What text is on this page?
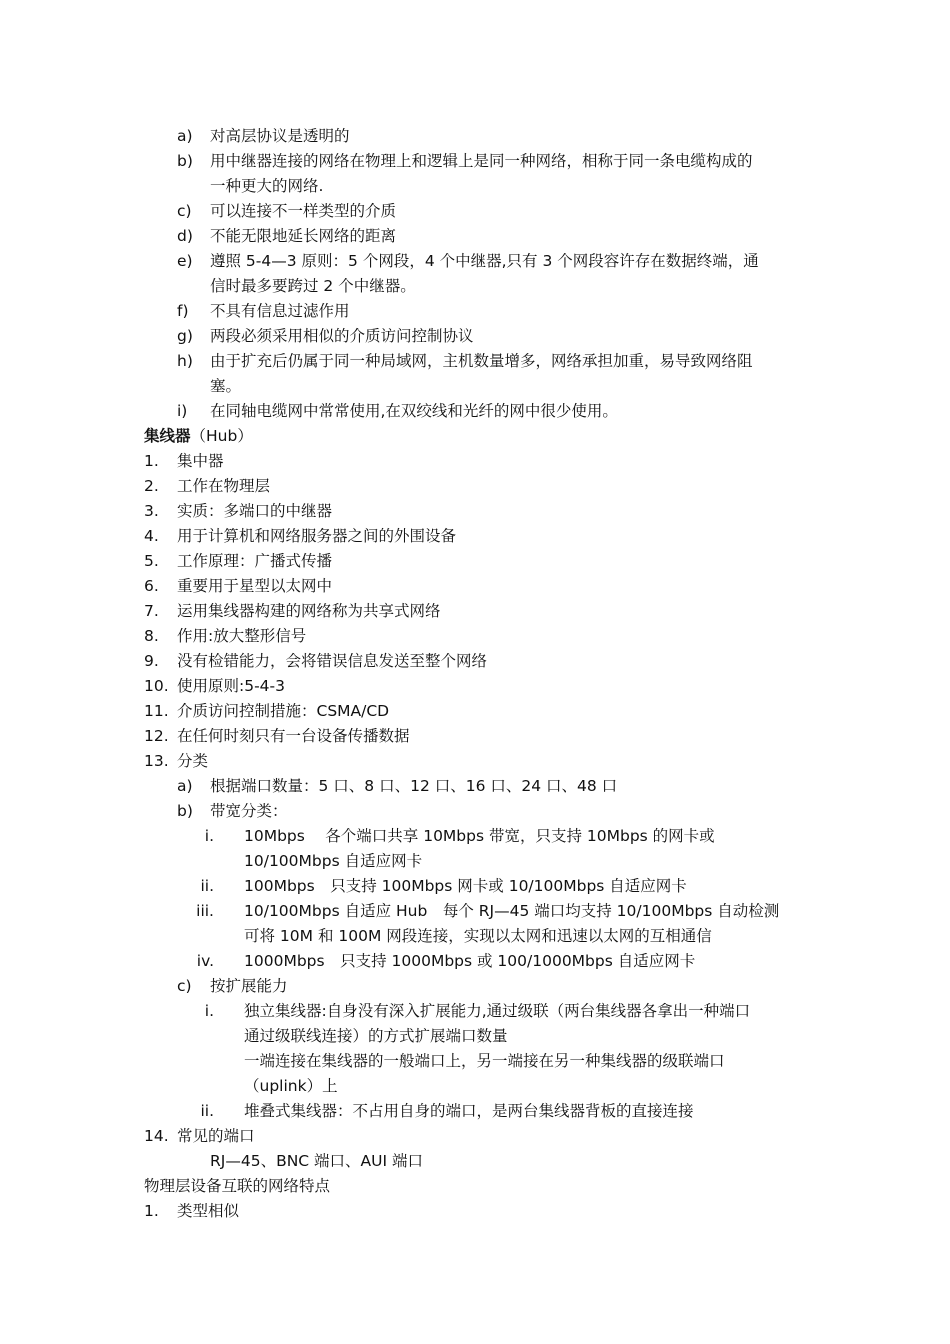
a) 对高层协议是透明的
b) 用中继器连接的网络在物理上和逻辑上是同一种网络，相称于同一条电缆构成的
一种更大的网络.
c) 可以连接不一样类型的介质
d) 不能无限地延长网络的距离
e) 遵照 5-4—3 原则：5 个网段，4 个中继器,只有 3 个网段容许存在数据终端，通
信时最多要跨过 2 个中继器。
f) 不具有信息过滤作用
g) 两段必须采用相似的介质访问控制协议
h) 由于扩充后仍属于同一种局域网，主机数量增多，网络承担加重，易导致网络阻
塞。
i) 在同轴电缆网中常常使用,在双绞线和光纤的网中很少使用。
集线器（Hub）
1. 集中器
2. 工作在物理层
3. 实质：多端口的中继器
4. 用于计算机和网络服务器之间的外围设备
5. 工作原理：广播式传播
6. 重要用于星型以太网中
7. 运用集线器构建的网络称为共享式网络
8. 作用:放大整形信号
9. 没有检错能力，会将错误信息发送至整个网络
10. 使用原则:5-4-3
11. 介质访问控制措施：CSMA/CD
12. 在任何时刻只有一台设备传播数据
13. 分类
a) 根据端口数量：5 口、8 口、12 口、16 口、24 口、48 口
b) 带宽分类：
i. 10Mbps　 各个端口共享 10Mbps 带宽，只支持 10Mbps 的网卡或
10/100Mbps 自适应网卡
ii. 100Mbps　只支持 100Mbps 网卡或 10/100Mbps 自适应网卡
iii. 10/100Mbps 自适应 Hub　每个 RJ—45 端口均支持 10/100Mbps 自动检测
可将 10M 和 100M 网段连接，实现以太网和迅速以太网的互相通信
iv. 1000Mbps　只支持 1000Mbps 或 100/1000Mbps 自适应网卡
c) 按扩展能力
i. 独立集线器:自身没有深入扩展能力,通过级联（两台集线器各拿出一种端口
通过级联线连接）的方式扩展端口数量
一端连接在集线器的一般端口上，另一端接在另一种集线器的级联端口
（uplink）上
ii. 堆叠式集线器：不占用自身的端口，是两台集线器背板的直接连接
14. 常见的端口
RJ—45、BNC 端口、AUI 端口
物理层设备互联的网络特点
1. 类型相似
